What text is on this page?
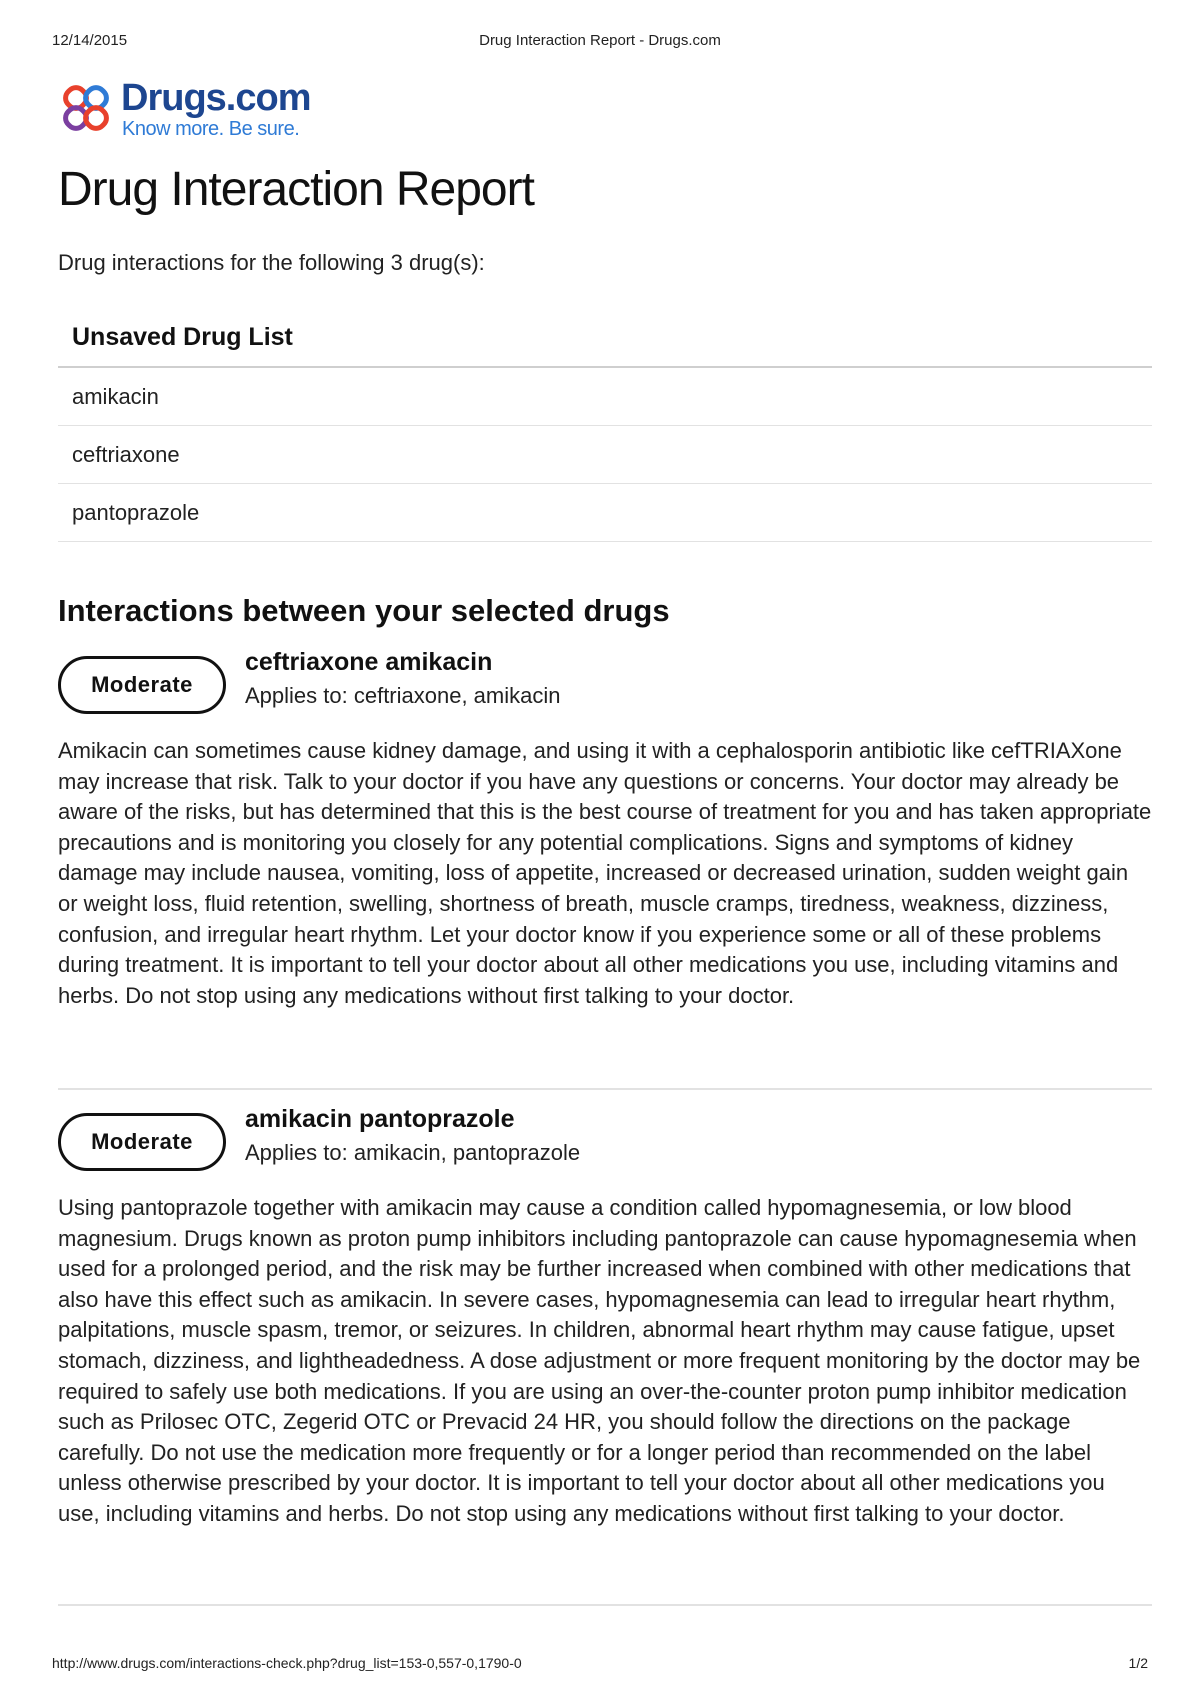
12/14/2015	Drug Interaction Report - Drugs.com
Drugs.com
Know more. Be sure.
Drug Interaction Report

Drug interactions for the following 3 drug(s):

Unsaved Drug List
amikacin
ceftriaxone
pantoprazole
Interactions between your selected drugs
Moderate
ceftriaxone amikacin
Applies to: ceftriaxone, amikacin

Amikacin can sometimes cause kidney damage, and using it with a cephalosporin antibiotic like cefTRIAXone may increase that risk. Talk to your doctor if you have any questions or concerns. Your doctor may already be aware of the risks, but has determined that this is the best course of treatment for you and has taken appropriate precautions and is monitoring you closely for any potential complications. Signs and symptoms of kidney damage may include nausea, vomiting, loss of appetite, increased or decreased urination, sudden weight gain or weight loss, fluid retention, swelling, shortness of breath, muscle cramps, tiredness, weakness, dizziness, confusion, and irregular heart rhythm. Let your doctor know if you experience some or all of these problems during treatment. It is important to tell your doctor about all other medications you use, including vitamins and herbs. Do not stop using any medications without first talking to your doctor.

Moderate
amikacin pantoprazole
Applies to: amikacin, pantoprazole

Using pantoprazole together with amikacin may cause a condition called hypomagnesemia, or low blood magnesium. Drugs known as proton pump inhibitors including pantoprazole can cause hypomagnesemia when used for a prolonged period, and the risk may be further increased when combined with other medications that also have this effect such as amikacin. In severe cases, hypomagnesemia can lead to irregular heart rhythm, palpitations, muscle spasm, tremor, or seizures. In children, abnormal heart rhythm may cause fatigue, upset stomach, dizziness, and lightheadedness. A dose adjustment or more frequent monitoring by the doctor may be required to safely use both medications. If you are using an over-the-counter proton pump inhibitor medication such as Prilosec OTC, Zegerid OTC or Prevacid 24 HR, you should follow the directions on the package carefully. Do not use the medication more frequently or for a longer period than recommended on the label unless otherwise prescribed by your doctor. It is important to tell your doctor about all other medications you use, including vitamins and herbs. Do not stop using any medications without first talking to your doctor.

http://www.drugs.com/interactions-check.php?drug_list=153-0,557-0,1790-0	1/2
